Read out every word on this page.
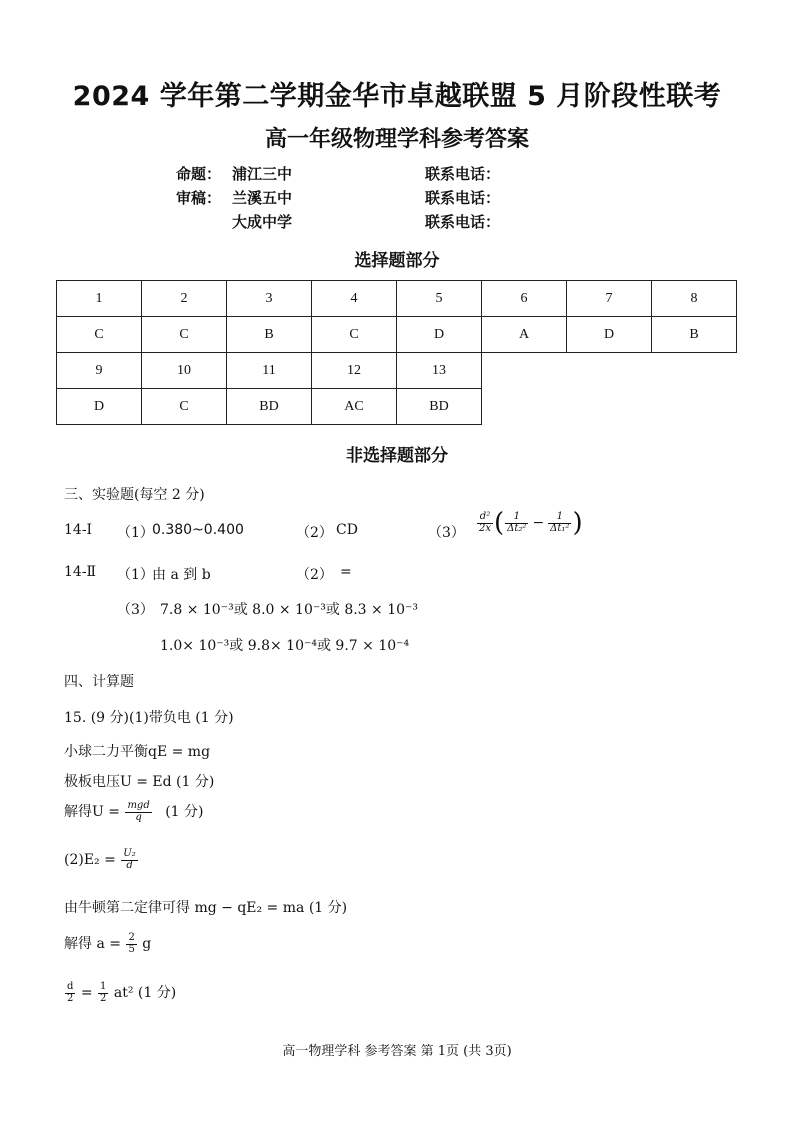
2024 学年第二学期金华市卓越联盟 5 月阶段性联考
高一年级物理学科参考答案
命题： 浦江三中	联系电话：
审稿： 兰溪五中	联系电话：
大成中学	联系电话：
选择题部分
1	2	3	4	5	6	7	8
C	C	B	C	D	A	D	B
9	10	11	12	13			
D	C	BD	AC	BD			
非选择题部分
三、实验题(每空 2 分)
14-Ⅰ （1）
0.380~0.400	（2） CD	$(3) \frac{\text{d²}}{2x}$ ( $\frac{1}{\text{Δt₂²}} - \frac{1}{\text{Δt₁²}}$ )
14-Ⅱ （1）
由 a 到 b	（2） =
（3） 7.8 × 10⁻³或 8.0 × 10⁻³或 8.3 × 10⁻³
1.0× 10⁻³或 9.8× 10⁻⁴或 9.7 × 10⁻⁴
四、计算题
15. (9 分)(1)带负电 (1 分)
小球二力平衡qE = mg
极板电压U = Ed (1 分)
解得$U = \frac{\text{mgd}}{q} (1$ 分)
$(2)E_2 = \frac{\text{U₂}}{d}$
由牛顿第二定律可得 mg − qE₂ = ma (1 分)
解得 $a = \frac{2}{5}$ g
$\frac{d}{2} = \frac{1}{2} at^2$ (1 分)
高一物理学科 参考答案 第 1页 (共 3页)
